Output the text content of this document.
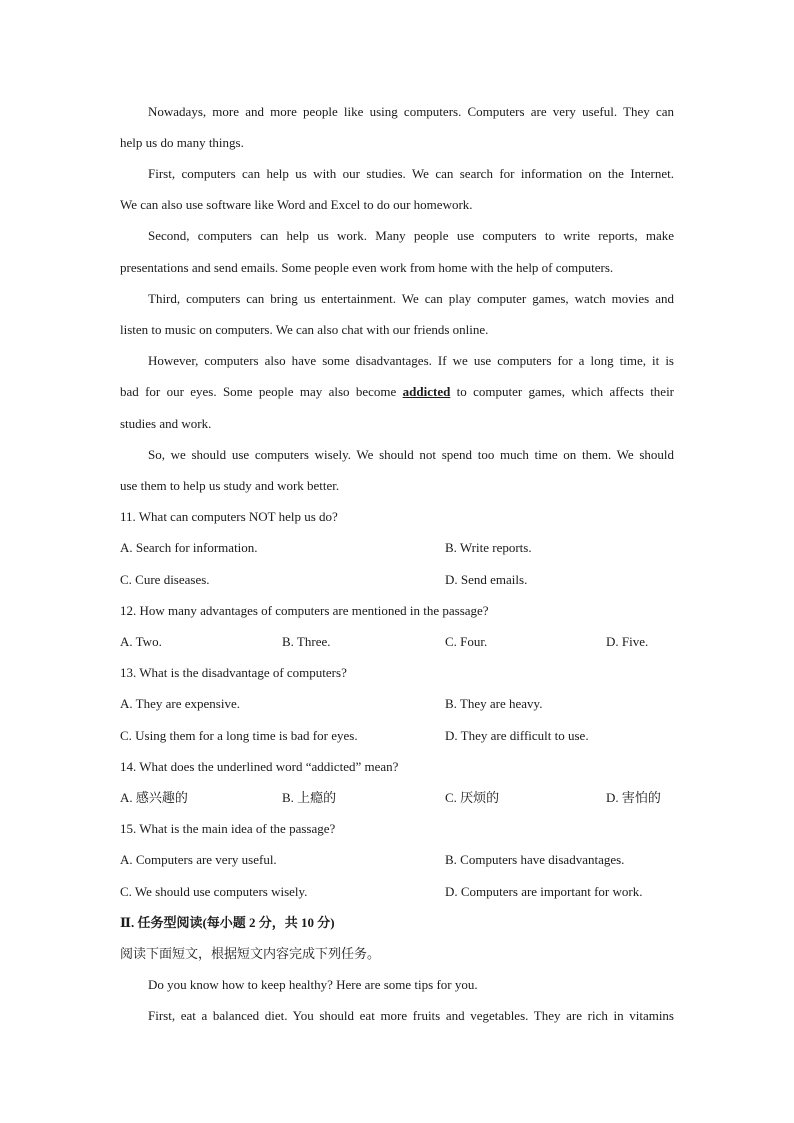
Nowadays, more and more people like using computers. Computers are very useful. They can
help us do many things.
First, computers can help us with our studies. We can search for information on the Internet.
We can also use software like Word and Excel to do our homework.
Second, computers can help us work. Many people use computers to write reports, make
presentations and send emails. Some people even work from home with the help of computers.
Third, computers can bring us entertainment. We can play computer games, watch movies and
listen to music on computers. We can also chat with our friends online.
However, computers also have some disadvantages. If we use computers for a long time, it is
bad for our eyes. Some people may also become addicted to computer games, which affects their
studies and work.
So, we should use computers wisely. We should not spend too much time on them. We should
use them to help us study and work better.
11. What can computers NOT help us do?
A. Search for information.	B. Write reports.
C. Cure diseases.	D. Send emails.
12. How many advantages of computers are mentioned in the passage?
A. Two.	B. Three.	C. Four.	D. Five.
13. What is the disadvantage of computers?
A. They are expensive.	B. They are heavy.
C. Using them for a long time is bad for eyes.	D. They are difficult to use.
14. What does the underlined word “addicted” mean?
A. 感兴趣的	B. 上瘾的	C. 厌烦的	D. 害怕的
15. What is the main idea of the passage?
A. Computers are very useful.	B. Computers have disadvantages.
C. We should use computers wisely.	D. Computers are important for work.
Ⅱ. 任务型阅读(每小题 2 分，共 10 分)
阅读下面短文，根据短文内容完成下列任务。
Do you know how to keep healthy? Here are some tips for you.
First, eat a balanced diet. You should eat more fruits and vegetables. They are rich in vitamins
